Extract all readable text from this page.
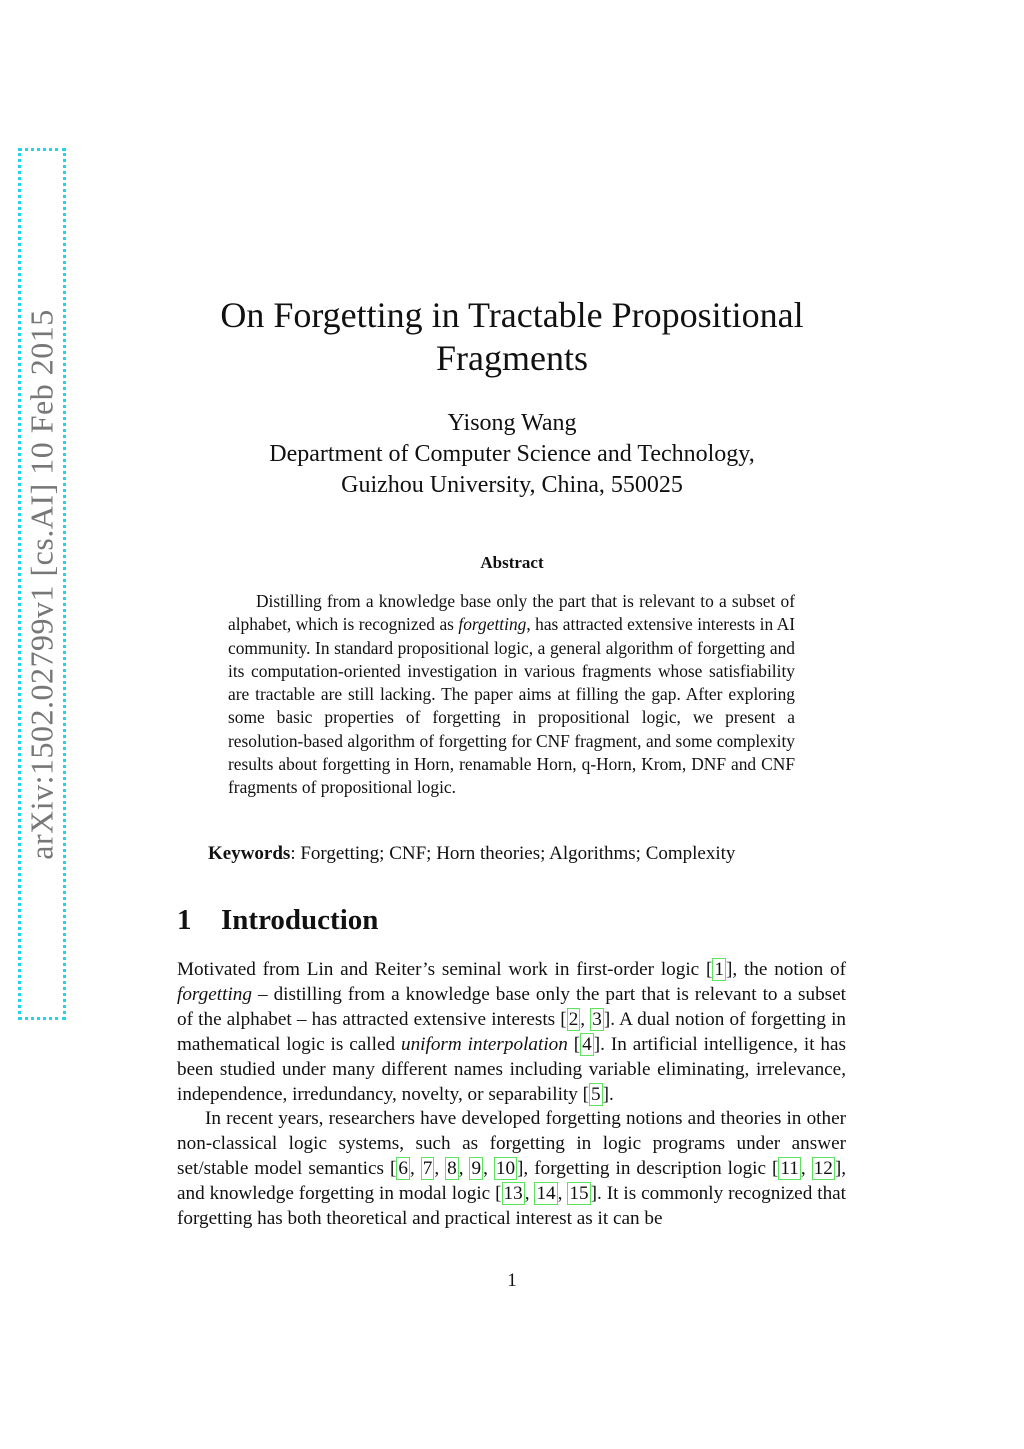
arXiv:1502.02799v1 [cs.AI] 10 Feb 2015	On Forgetting in Tractable Propositional
Fragments
Yisong Wang
Department of Computer Science and Technology,
Guizhou University, China, 550025
Abstract

Distilling from a knowledge base only the part that is relevant to a subset of alphabet, which is recognized as forgetting, has attracted extensive interests in AI community. In standard propositional logic, a general algorithm of forgetting and its computation-oriented investigation in various fragments whose satisfiability are tractable are still lacking. The paper aims at filling the gap. After exploring some basic properties of forgetting in propositional logic, we present a resolution-based algorithm of forgetting for CNF fragment, and some complexity results about forgetting in Horn, renamable Horn, q-Horn, Krom, DNF and CNF fragments of propositional logic.

Keywords: Forgetting; CNF; Horn theories; Algorithms; Complexity
1 Introduction

Motivated from Lin and Reiter’s seminal work in first-order logic [ 1 ], the notion of forgetting – distilling from a knowledge base only the part that is relevant to a subset of the alphabet – has attracted extensive interests [ 2 , 3 ]. A dual notion of forgetting in mathematical logic is called uniform interpolation [ 4 ]. In artificial intelligence, it has been studied under many different names including variable eliminating, irrelevance, independence, irredundancy, novelty, or separability [ 5 ].

In recent years, researchers have developed forgetting notions and theories in other non-classical logic systems, such as forgetting in logic programs under answer set/stable model semantics [ 6 , 7 , 8 , 9 , 10 ], forgetting in description logic [ 11 , 12 ], and knowledge forgetting in modal logic [ 13 , 14 , 15 ]. It is commonly recognized that forgetting has both theoretical and practical interest as it can be

1
